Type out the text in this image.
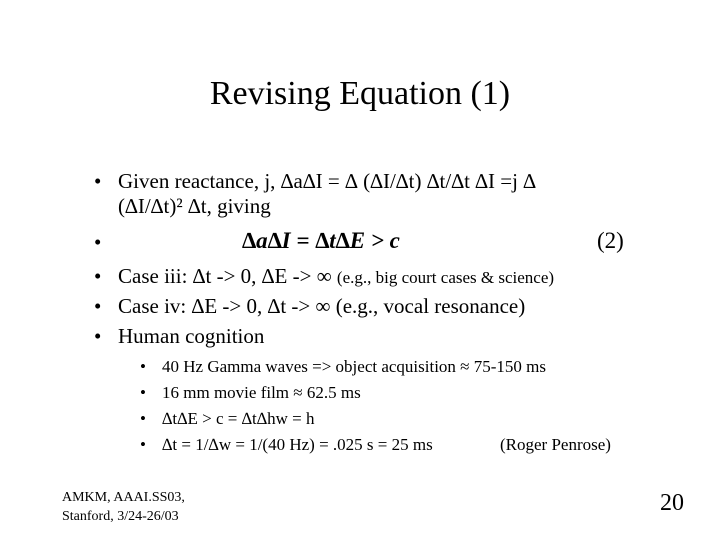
Revising Equation (1)
• Given reactance, j, ∆a∆I = ∆ (∆I/∆t) ∆t/∆t ∆I =j ∆
(∆I/∆t)² ∆t, giving
•	∆a∆I = ∆t∆E > c	(2)
• Case iii: ∆t -> 0, ∆E -> ∞ (e.g., big court cases & science)
• Case iv: ∆E -> 0, ∆t -> ∞ (e.g., vocal resonance)
• Human cognition
• 40 Hz Gamma waves => object acquisition ≈ 75-150 ms
• 16 mm movie film ≈ 62.5 ms
• ∆t∆E > c = ∆t∆hw = h
• ∆t = 1/∆w = 1/(40 Hz) = .025 s = 25 ms	(Roger Penrose)
AMKM, AAAI.SS03,
Stanford, 3/24-26/03
20
